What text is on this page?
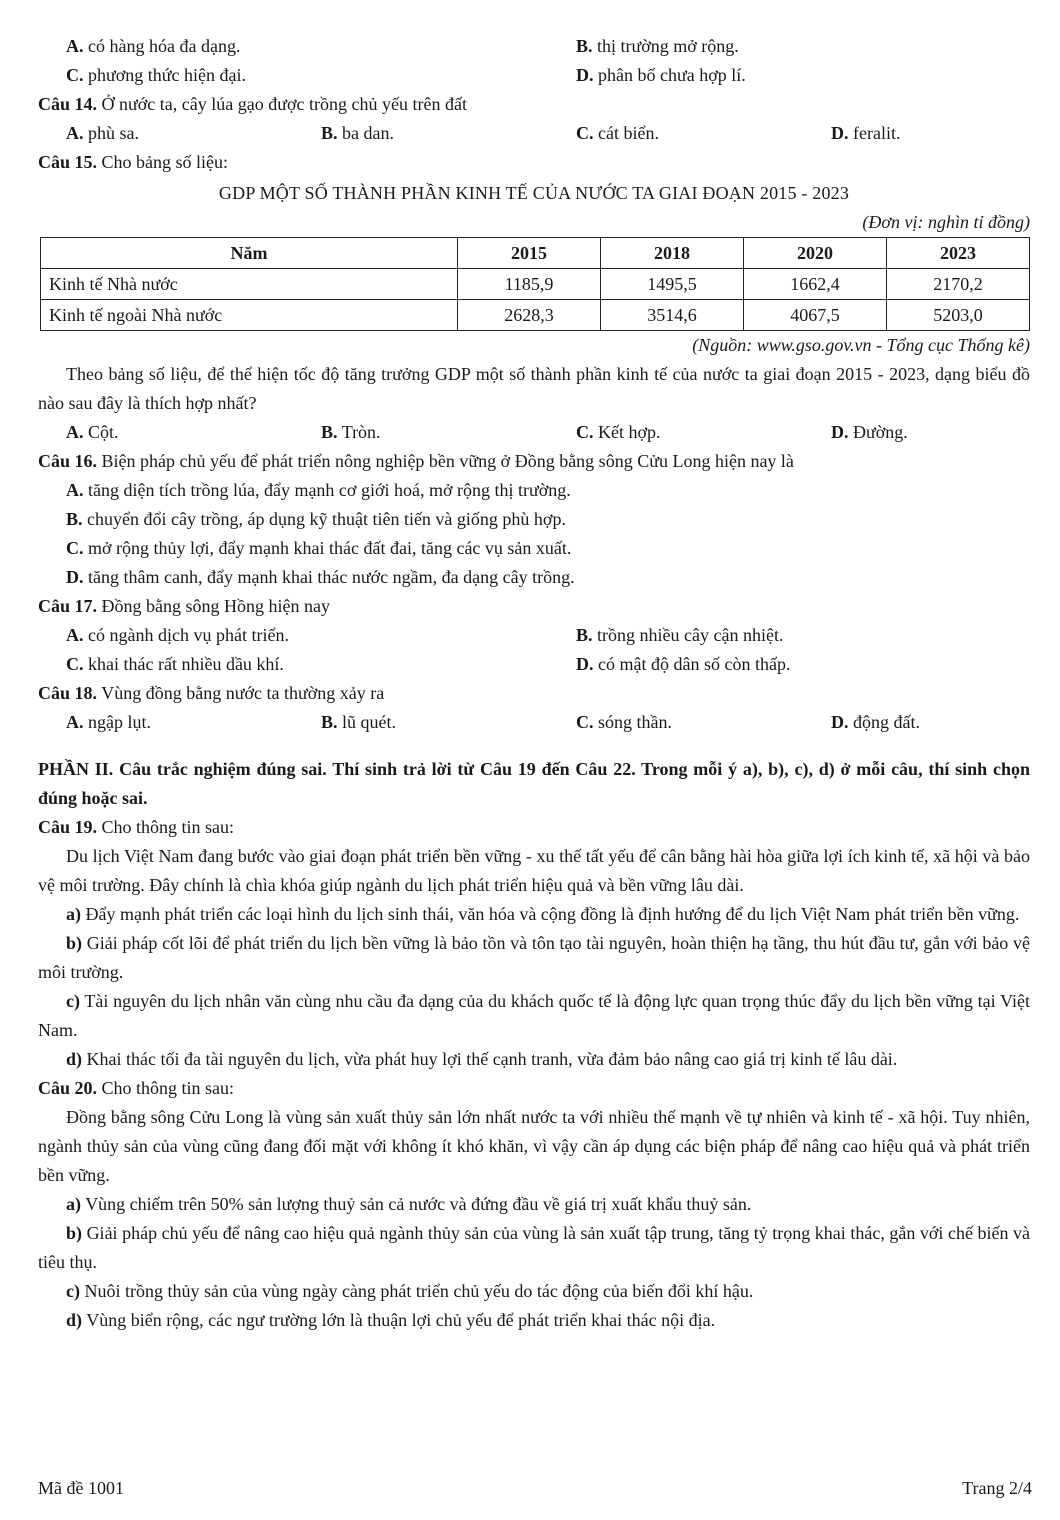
A. có hàng hóa đa dạng.	B. thị trường mở rộng.
C. phương thức hiện đại.	D. phân bố chưa hợp lí.
Câu 14. Ở nước ta, cây lúa gạo được trồng chủ yếu trên đất
A. phù sa.	B. ba dan.	C. cát biển.	D. feralit.
Câu 15. Cho bảng số liệu:
GDP MỘT SỐ THÀNH PHẦN KINH TẾ CỦA NƯỚC TA GIAI ĐOẠN 2015 - 2023
(Đơn vị: nghìn tỉ đồng)
Năm	2015	2018	2020	2023
Kinh tế Nhà nước	1185,9	1495,5	1662,4	2170,2
Kinh tế ngoài Nhà nước	2628,3	3514,6	4067,5	5203,0
(Nguồn: www.gso.gov.vn - Tổng cục Thống kê)
Theo bảng số liệu, để thể hiện tốc độ tăng trưởng GDP một số thành phần kinh tế của nước ta giai đoạn 2015 - 2023, dạng biểu đồ nào sau đây là thích hợp nhất?
A. Cột.	B. Tròn.	C. Kết hợp.	D. Đường.
Câu 16. Biện pháp chủ yếu để phát triển nông nghiệp bền vững ở Đồng bằng sông Cửu Long hiện nay là
A. tăng diện tích trồng lúa, đẩy mạnh cơ giới hoá, mở rộng thị trường.
B. chuyển đổi cây trồng, áp dụng kỹ thuật tiên tiến và giống phù hợp.
C. mở rộng thủy lợi, đẩy mạnh khai thác đất đai, tăng các vụ sản xuất.
D. tăng thâm canh, đẩy mạnh khai thác nước ngầm, đa dạng cây trồng.
Câu 17. Đồng bằng sông Hồng hiện nay
A. có ngành dịch vụ phát triển.	B. trồng nhiều cây cận nhiệt.
C. khai thác rất nhiều dầu khí.	D. có mật độ dân số còn thấp.
Câu 18. Vùng đồng bằng nước ta thường xảy ra
A. ngập lụt.	B. lũ quét.	C. sóng thần.	D. động đất.
PHẦN II. Câu trắc nghiệm đúng sai. Thí sinh trả lời từ Câu 19 đến Câu 22. Trong mỗi ý a), b), c), d) ở mỗi câu, thí sinh chọn đúng hoặc sai.
Câu 19. Cho thông tin sau:
Du lịch Việt Nam đang bước vào giai đoạn phát triển bền vững - xu thế tất yếu để cân bằng hài hòa giữa lợi ích kinh tế, xã hội và bảo vệ môi trường. Đây chính là chìa khóa giúp ngành du lịch phát triển hiệu quả và bền vững lâu dài.
a) Đẩy mạnh phát triển các loại hình du lịch sinh thái, văn hóa và cộng đồng là định hướng để du lịch Việt Nam phát triển bền vững.
b) Giải pháp cốt lõi để phát triển du lịch bền vững là bảo tồn và tôn tạo tài nguyên, hoàn thiện hạ tầng, thu hút đầu tư, gắn với bảo vệ môi trường.
c) Tài nguyên du lịch nhân văn cùng nhu cầu đa dạng của du khách quốc tế là động lực quan trọng thúc đẩy du lịch bền vững tại Việt Nam.
d) Khai thác tối đa tài nguyên du lịch, vừa phát huy lợi thế cạnh tranh, vừa đảm bảo nâng cao giá trị kinh tế lâu dài.
Câu 20. Cho thông tin sau:
Đồng bằng sông Cửu Long là vùng sản xuất thủy sản lớn nhất nước ta với nhiều thế mạnh về tự nhiên và kinh tế - xã hội. Tuy nhiên, ngành thủy sản của vùng cũng đang đối mặt với không ít khó khăn, vì vậy cần áp dụng các biện pháp để nâng cao hiệu quả và phát triển bền vững.
a) Vùng chiếm trên 50% sản lượng thuỷ sản cả nước và đứng đầu về giá trị xuất khẩu thuỷ sản.
b) Giải pháp chủ yếu để nâng cao hiệu quả ngành thủy sản của vùng là sản xuất tập trung, tăng tỷ trọng khai thác, gắn với chế biến và tiêu thụ.
c) Nuôi trồng thủy sản của vùng ngày càng phát triển chủ yếu do tác động của biến đổi khí hậu.
d) Vùng biển rộng, các ngư trường lớn là thuận lợi chủ yếu để phát triển khai thác nội địa.
Mã đề 1001	Trang 2/4
